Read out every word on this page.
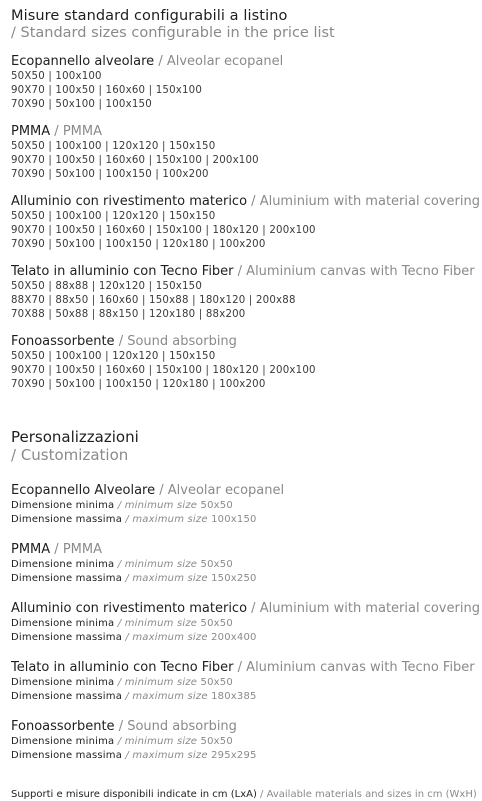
Misure standard configurabili a listino
/ Standard sizes configurable in the price list
Ecopannello alveolare / Alveolar ecopanel
50X50 | 100x100
90X70 | 100x50 | 160x60 | 150x100
70X90 | 50x100 | 100x150
PMMA / PMMA
50X50 | 100x100 | 120x120 | 150x150
90X70 | 100x50 | 160x60 | 150x100 | 200x100
70X90 | 50x100 | 100x150 | 100x200
Alluminio con rivestimento materico / Aluminium with material covering
50X50 | 100x100 | 120x120 | 150x150
90X70 | 100x50 | 160x60 | 150x100 | 180x120 | 200x100
70X90 | 50x100 | 100x150 | 120x180 | 100x200
Telato in alluminio con Tecno Fiber / Aluminium canvas with Tecno Fiber
50X50 | 88x88 | 120x120 | 150x150
88X70 | 88x50 | 160x60 | 150x88 | 180x120 | 200x88
70X88 | 50x88 | 88x150 | 120x180 | 88x200
Fonoassorbente / Sound absorbing
50X50 | 100x100 | 120x120 | 150x150
90X70 | 100x50 | 160x60 | 150x100 | 180x120 | 200x100
70X90 | 50x100 | 100x150 | 120x180 | 100x200
Personalizzazioni
/ Customization
Ecopannello Alveolare / Alveolar ecopanel
Dimensione minima / minimum size 50x50
Dimensione massima / maximum size 100x150
PMMA / PMMA
Dimensione minima / minimum size 50x50
Dimensione massima / maximum size 150x250
Alluminio con rivestimento materico / Aluminium with material covering
Dimensione minima / minimum size 50x50
Dimensione massima / maximum size 200x400
Telato in alluminio con Tecno Fiber / Aluminium canvas with Tecno Fiber
Dimensione minima / minimum size 50x50
Dimensione massima / maximum size 180x385
Fonoassorbente / Sound absorbing
Dimensione minima / minimum size 50x50
Dimensione massima / maximum size 295x295
Supporti e misure disponibili indicate in cm (LxA) / Available materials and sizes in cm (WxH)
